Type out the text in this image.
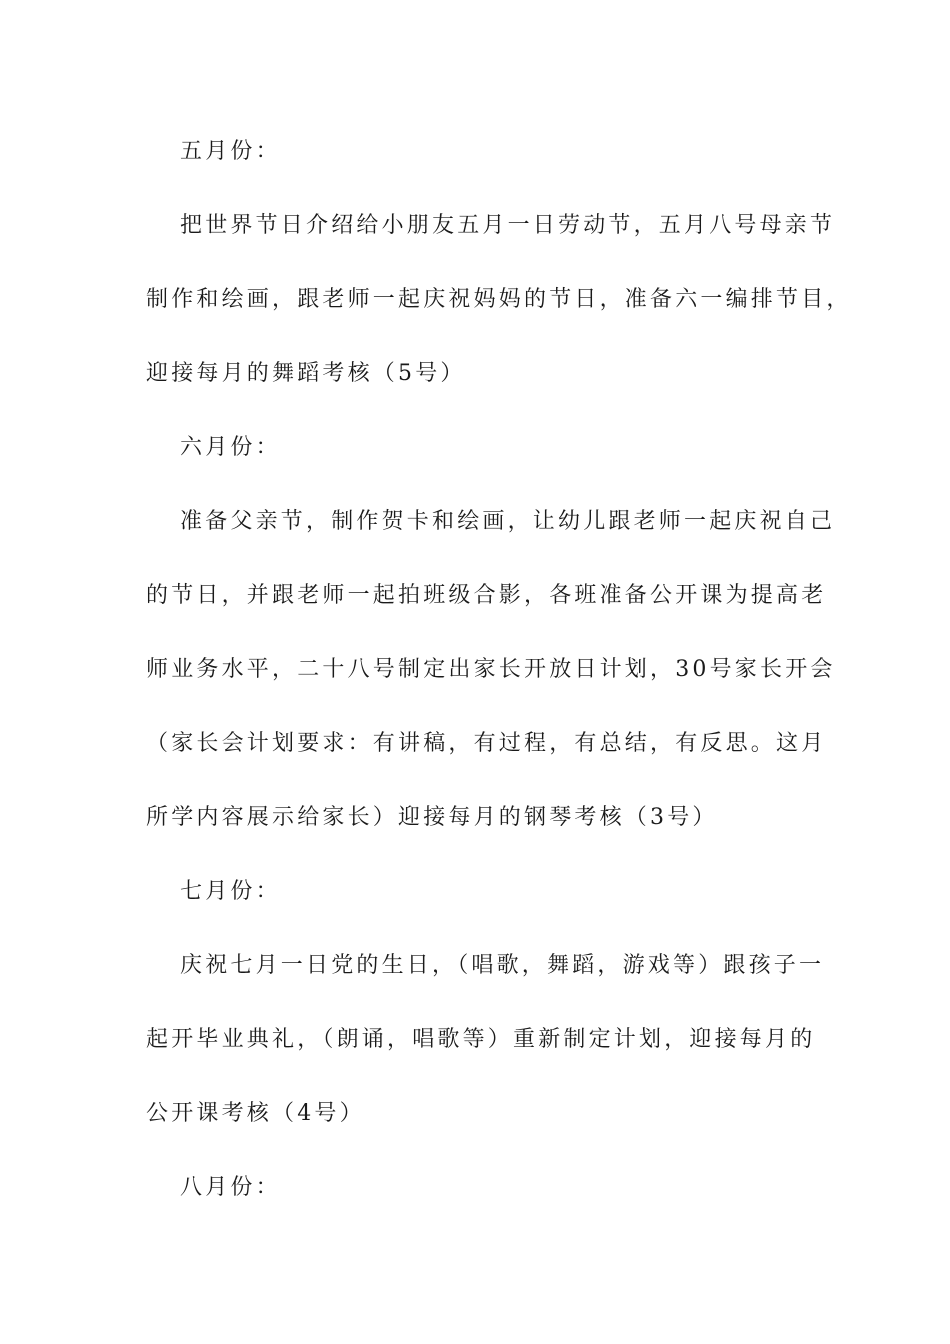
五月份：
把世界节日介绍给小朋友五月一日劳动节，五月八号母亲节
制作和绘画，跟老师一起庆祝妈妈的节日，准备六一编排节目，
迎接每月的舞蹈考核（5号）
六月份：
准备父亲节，制作贺卡和绘画，让幼儿跟老师一起庆祝自己
的节日，并跟老师一起拍班级合影，各班准备公开课为提高老
师业务水平，二十八号制定出家长开放日计划，30号家长开会
（家长会计划要求：有讲稿，有过程，有总结，有反思。这月
所学内容展示给家长）迎接每月的钢琴考核（3号）
七月份：
庆祝七月一日党的生日，（唱歌，舞蹈，游戏等）跟孩子一
起开毕业典礼，（朗诵，唱歌等）重新制定计划，迎接每月的
公开课考核（4号）
八月份：
